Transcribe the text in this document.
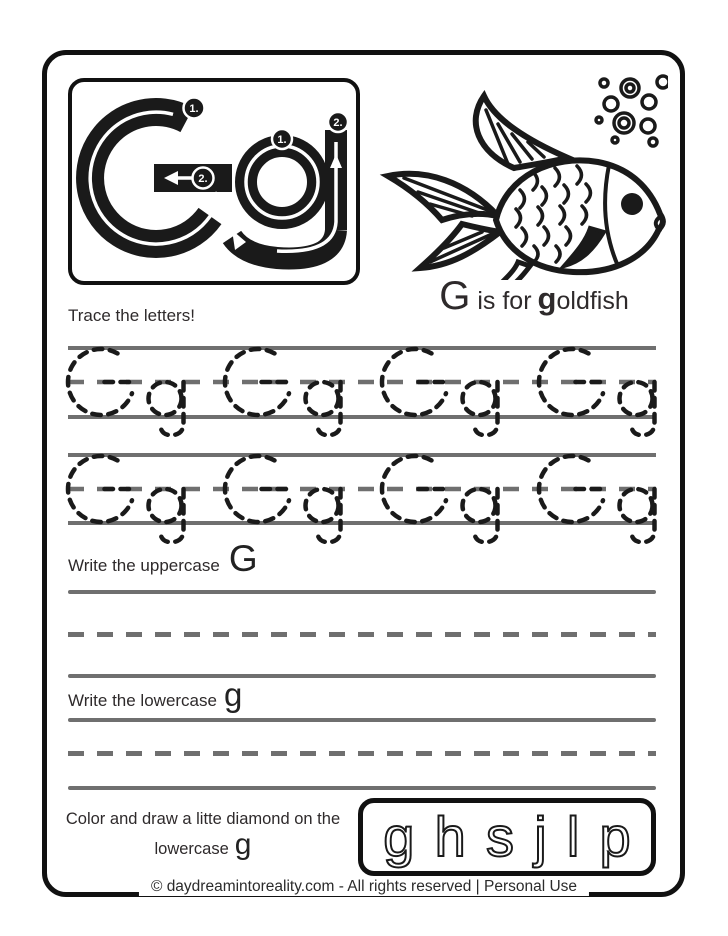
1.
2.
1.
2.
G is for g oldfish
Trace the letters!
Write the uppercase G
Write the lowercase g
Color and draw a litte diamond on the
lowercase g g h s j l p
© daydreamintoreality.com - All rights reserved | Personal Use
